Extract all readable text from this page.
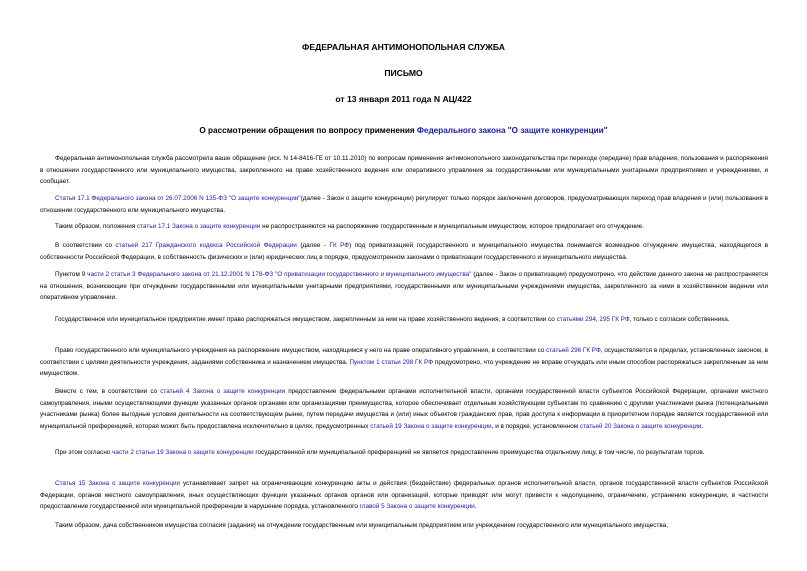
ФЕДЕРАЛЬНАЯ АНТИМОНОПОЛЬНАЯ СЛУЖБА
ПИСЬМО
от 13 января 2011 года N АЦ/422
О рассмотрении обращения по вопросу применения Федерального закона "О защите конкуренции"

Федеральная антимонопольная служба рассмотрела ваше обращение (исх. N 14-8416-ГЕ от 10.11.2010) по вопросам применения антимонопольного законодательства при переходе (передаче) прав владения, пользования и распоряжения в отношении государственного или муниципального имущества, закрепленного на праве хозяйственного ведения или оперативного управления за государственными или муниципальными унитарными предприятиями и учреждениями, и сообщает.

Статья 17.1 Федерального закона от 26.07.2006 N 135-ФЗ "О защите конкуренции"(далее - Закон о защите конкуренции) регулирует только порядок заключения договоров, предусматривающих переход прав владения и (или) пользования в отношении государственного или муниципального имущества.

Таким образом, положения статьи 17.1 Закона о защите конкуренции не распространяются на распоряжение государственным и муниципальным имуществом, которое предполагает его отчуждение.

В соответствии со статьей 217 Гражданского кодекса Российской Федерации (далее - ГК РФ) под приватизацией государственного и муниципального имущества понимается возмездное отчуждение имущества, находящегося в собственности Российской Федерации, в собственность физических и (или) юридических лиц в порядке, предусмотренном законами о приватизации государственного и муниципального имущества.

Пунктом 9 части 2 статьи 3 Федерального закона от 21.12.2001 N 178-ФЗ "О приватизации государственного и муниципального имущества" (далее - Закон о приватизации) предусмотрено, что действие данного закона не распространяется на отношения, возникающие при отчуждении государственными или муниципальными унитарными предприятиями, государственными или муниципальными учреждениями имущества, закрепленного за ними в хозяйственном ведении или оперативном управлении.

Государственное или муниципальное предприятие имеет право распоряжаться имуществом, закрепленным за ним на праве хозяйственного ведения, в соответствии со статьями 294, 295 ГК РФ, только с согласия собственника.

Право государственного или муниципального учреждения на распоряжение имуществом, находящимся у него на праве оперативного управления, в соответствии со статьей 296 ГК РФ, осуществляется в пределах, установленных законом, в соответствии с целями деятельности учреждения, заданиями собственника и назначением имущества. Пунктом 1 статьи 298 ГК РФ предусмотрено, что учреждение не вправе отчуждать или иным способом распоряжаться закрепленным за ним имуществом.

Вместе с тем, в соответствии со статьей 4 Закона о защите конкуренции предоставление федеральными органами исполнительной власти, органами государственной власти субъектов Российской Федерации, органами местного самоуправления, иными осуществляющими функции указанных органов органами или организациями преимущества, которое обеспечивает отдельным хозяйствующим субъектам по сравнению с другими участниками рынка (потенциальными участниками рынка) более выгодные условия деятельности на соответствующем рынке, путем передачи имущества и (или) иных объектов гражданских прав, прав доступа к информации в приоритетном порядке является государственной или муниципальной преференцией, которая может быть предоставлена исключительно в целях, предусмотренных статьей 19 Закона о защите конкуренции, и в порядке, установленном статьей 20 Закона о защите конкуренции.

При этом согласно части 2 статьи 19 Закона о защите конкуренции государственной или муниципальной преференцией не является предоставление преимущества отдельному лицу, в том числе, по результатам торгов.

Статья 15 Закона о защите конкуренции устанавливает запрет на ограничивающие конкуренцию акты и действия (бездействие) федеральных органов исполнительной власти, органов государственной власти субъектов Российской Федерации, органов местного самоуправления, иных осуществляющих функции указанных органов органов или организаций, которые приводят или могут привести к недопущению, ограничению, устранению конкуренции, в частности предоставление государственной или муниципальной преференции в нарушение порядка, установленного главой 5 Закона о защите конкуренции.

Таким образом, дача собственником имущества согласия (задания) на отчуждение государственным или муниципальным предприятием или учреждением государственного или муниципального имущества,
